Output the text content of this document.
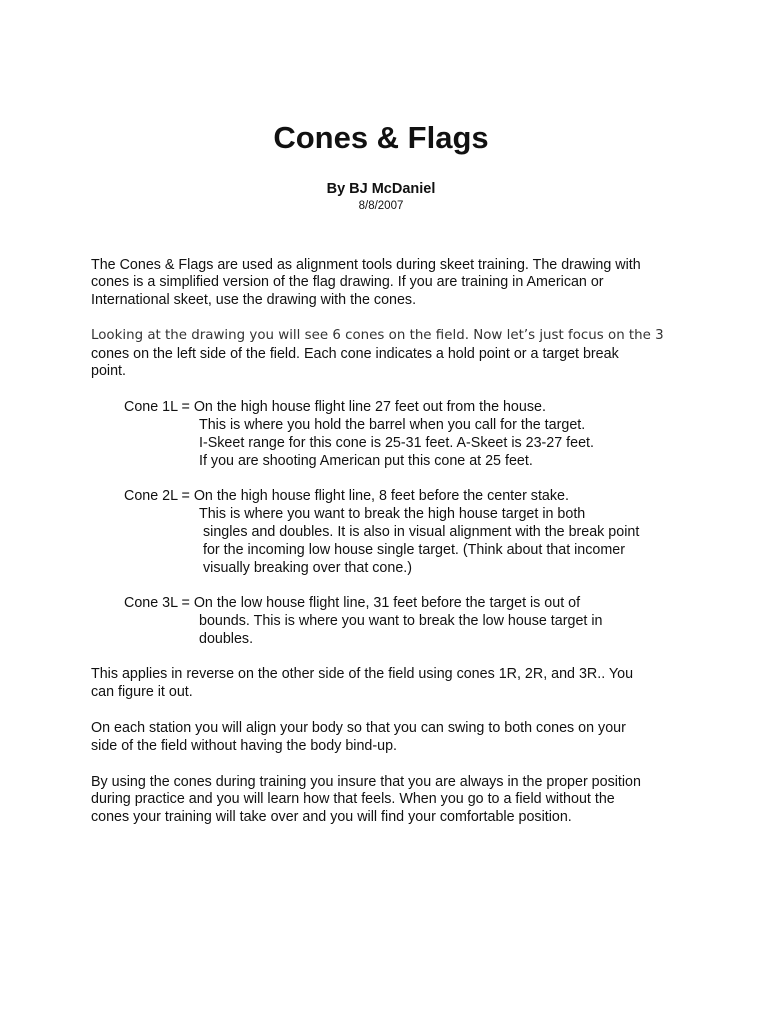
Cones & Flags
By BJ McDaniel
8/8/2007
The Cones & Flags are used as alignment tools during skeet training. The drawing with
cones is a simplified version of the flag drawing. If you are training in American or
International skeet, use the drawing with the cones.
Looking at the drawing you will see 6 cones on the field. Now let’s just focus on the 3
cones on the left side of the field. Each cone indicates a hold point or a target break
point.
Cone 1L = On the high house flight line 27 feet out from the house.
This is where you hold the barrel when you call for the target.
I-Skeet range for this cone is 25-31 feet. A-Skeet is 23-27 feet.
If you are shooting American put this cone at 25 feet.
Cone 2L = On the high house flight line, 8 feet before the center stake.
This is where you want to break the high house target in both
singles and doubles. It is also in visual alignment with the break point
for the incoming low house single target. (Think about that incomer
visually breaking over that cone.)
Cone 3L = On the low house flight line, 31 feet before the target is out of
bounds. This is where you want to break the low house target in
doubles.
This applies in reverse on the other side of the field using cones 1R, 2R, and 3R.. You
can figure it out.
On each station you will align your body so that you can swing to both cones on your
side of the field without having the body bind-up.
By using the cones during training you insure that you are always in the proper position
during practice and you will learn how that feels. When you go to a field without the
cones your training will take over and you will find your comfortable position.
